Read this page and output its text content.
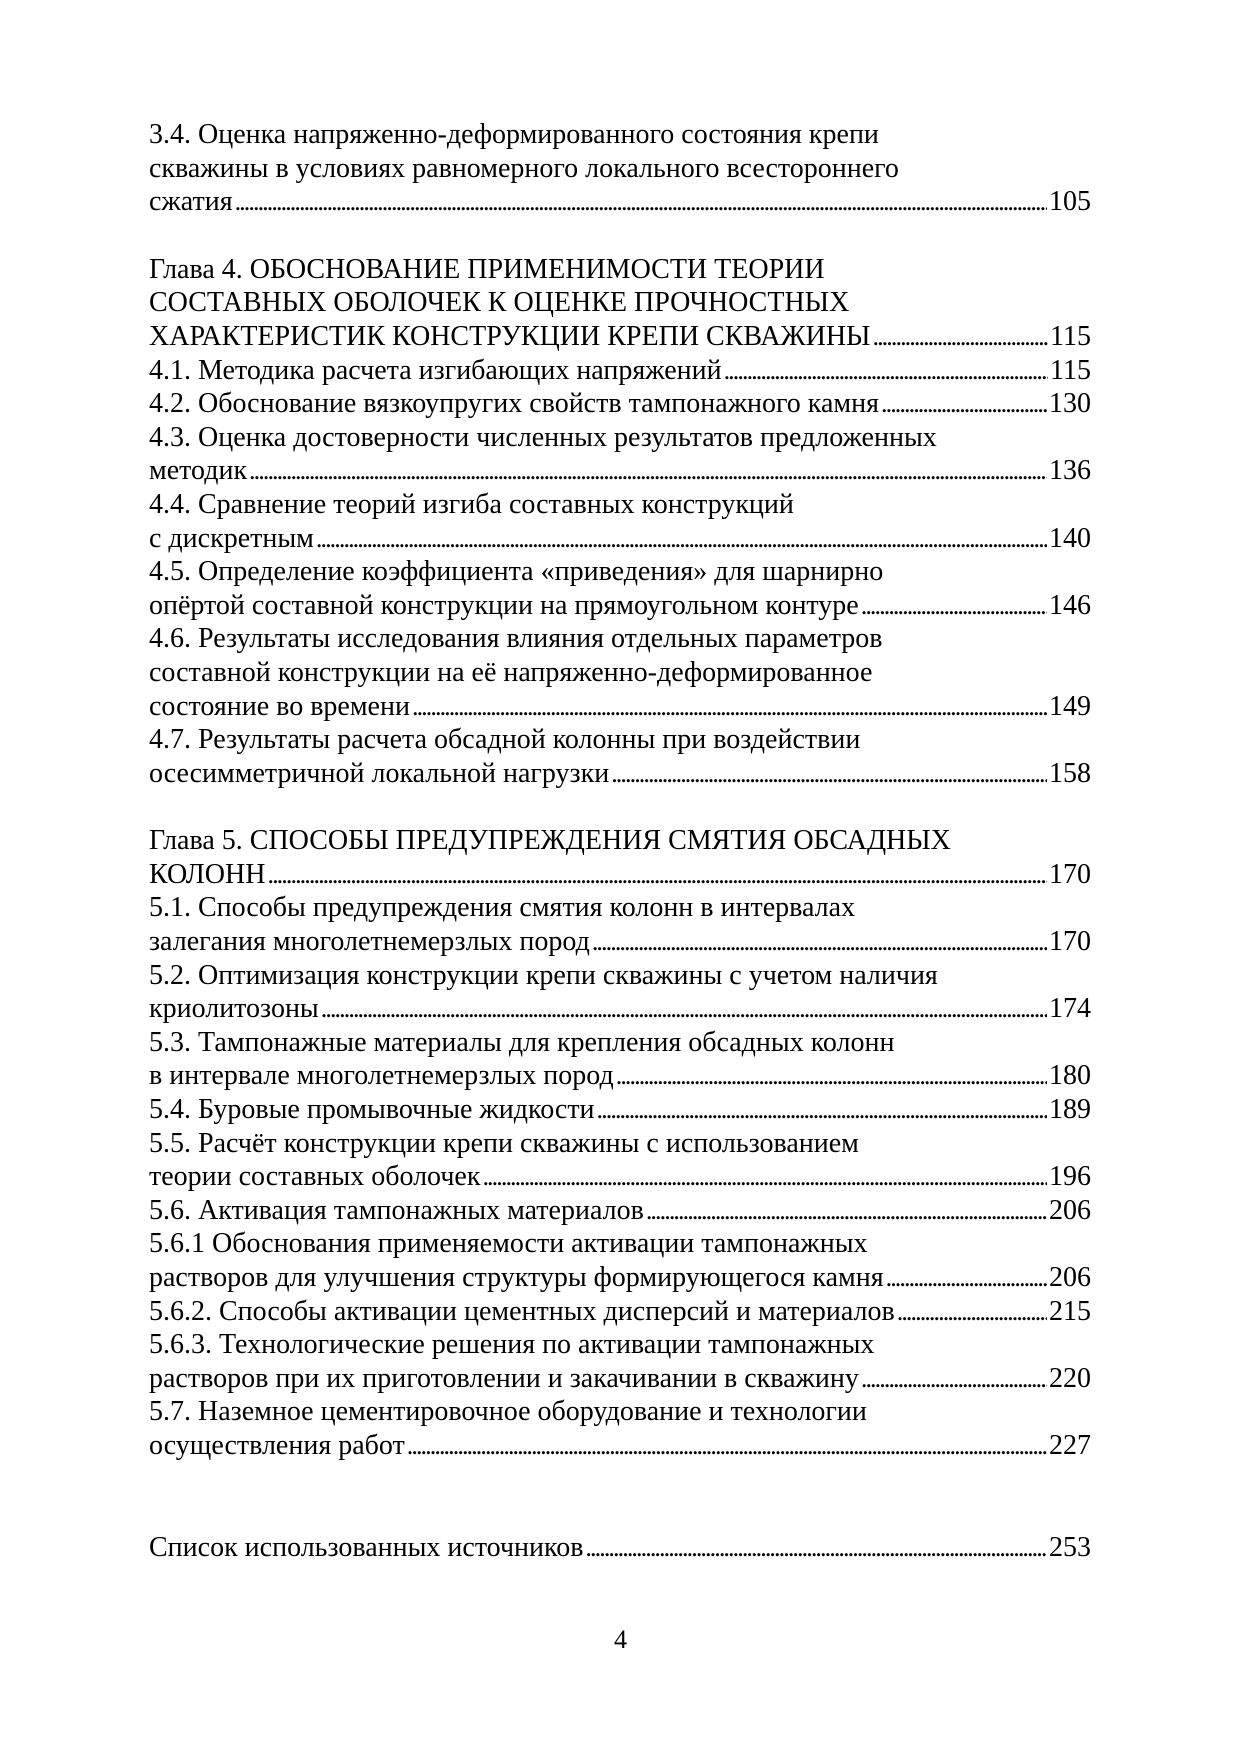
3.4. Оценка напряженно-деформированного состояния крепи
скважины в условиях равномерного локального всестороннего
сжатия . . .	105
Глава 4. ОБОСНОВАНИЕ ПРИМЕНИМОСТИ ТЕОРИИ
СОСТАВНЫХ ОБОЛОЧЕК К ОЦЕНКЕ ПРОЧНОСТНЫХ
ХАРАКТЕРИСТИК КОНСТРУКЦИИ КРЕПИ СКВАЖИНЫ . . .	115
4.1. Методика расчета изгибающих напряжений . . .	115
4.2. Обоснование вязкоупругих свойств тампонажного камня . . .	130
4.3. Оценка достоверности численных результатов предложенных
методик . . .	136
4.4. Сравнение теорий изгиба составных конструкций
с дискретным . . .	140
4.5. Определение коэффициента «приведения» для шарнирно
опёртой составной конструкции на прямоугольном контуре . . .	146
4.6. Результаты исследования влияния отдельных параметров
составной конструкции на её напряженно-деформированное
состояние во времени . . .	149
4.7. Результаты расчета обсадной колонны при воздействии
осесимметричной локальной нагрузки . . .	158
Глава 5. СПОСОБЫ ПРЕДУПРЕЖДЕНИЯ СМЯТИЯ ОБСАДНЫХ
КОЛОНН . . .	170
5.1. Способы предупреждения смятия колонн в интервалах
залегания многолетнемерзлых пород . . .	170
5.2. Оптимизация конструкции крепи скважины с учетом наличия
криолитозоны . . .	174
5.3. Тампонажные материалы для крепления обсадных колонн
в интервале многолетнемерзлых пород . . .	180
5.4. Буровые промывочные жидкости . . .	189
5.5. Расчёт конструкции крепи скважины с использованием
теории составных оболочек . . .	196
5.6. Активация тампонажных материалов . . .	206
5.6.1 Обоснования применяемости активации тампонажных
растворов для улучшения структуры формирующегося камня . . .	206
5.6.2. Способы активации цементных дисперсий и материалов . . .	215
5.6.3. Технологические решения по активации тампонажных
растворов при их приготовлении и закачивании в скважину . . .	220
5.7. Наземное цементировочное оборудование и технологии
осуществления работ . . .	227
Список использованных источников . . .	253
4
